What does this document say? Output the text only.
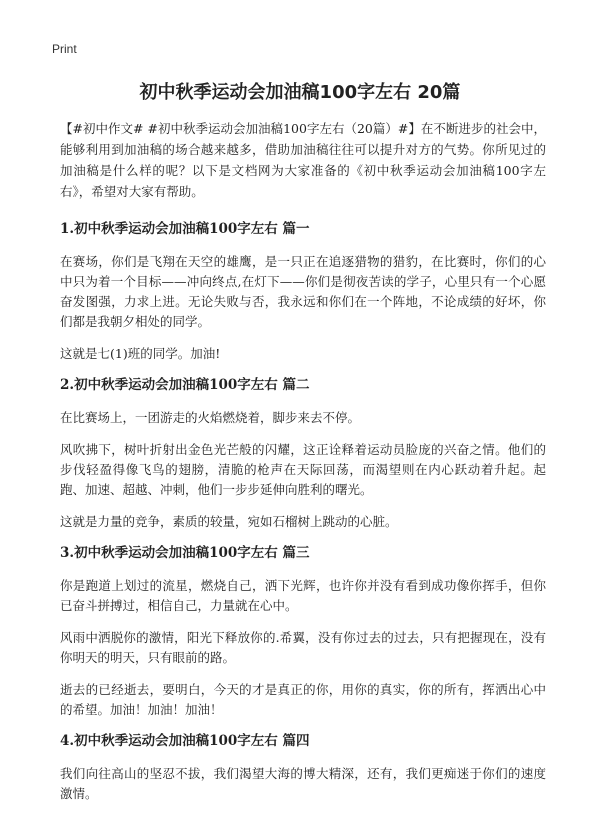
Print
初中秋季运动会加油稿100字左右 20篇

【#初中作文# #初中秋季运动会加油稿100字左右（20篇）#】在不断进步的社会中，能够利用到加油稿的场合越来越多，借助加油稿往往可以提升对方的气势。你所见过的加油稿是什么样的呢？以下是文档网为大家准备的《初中秋季运动会加油稿100字左右》，希望对大家有帮助。

1.初中秋季运动会加油稿100字左右 篇一

在赛场，你们是飞翔在天空的雄鹰，是一只正在追逐猎物的猎豹，在比赛时，你们的心中只为着一个目标——冲向终点,在灯下——你们是彻夜苦读的学子，心里只有一个心愿奋发图强，力求上进。无论失败与否，我永远和你们在一个阵地，不论成绩的好坏，你们都是我朝夕相处的同学。

这就是七(1)班的同学。加油!

2.初中秋季运动会加油稿100字左右 篇二

在比赛场上，一团游走的火焰燃烧着，脚步来去不停。

风吹拂下，树叶折射出金色光芒般的闪耀，这正诠释着运动员脸庞的兴奋之情。他们的步伐轻盈得像飞鸟的翅膀，清脆的枪声在天际回荡，而渴望则在内心跃动着升起。起跑、加速、超越、冲刺，他们一步步延伸向胜利的曙光。

这就是力量的竞争，素质的较量，宛如石榴树上跳动的心脏。

3.初中秋季运动会加油稿100字左右 篇三

你是跑道上划过的流星，燃烧自己，洒下光辉，也许你并没有看到成功像你挥手，但你已奋斗拼搏过，相信自己，力量就在心中。

风雨中洒脱你的激情，阳光下释放你的.希翼，没有你过去的过去，只有把握现在，没有你明天的明天，只有眼前的路。

逝去的已经逝去，要明白，今天的才是真正的你，用你的真实，你的所有，挥洒出心中的希望。加油！加油！加油！

4.初中秋季运动会加油稿100字左右 篇四

我们向往高山的坚忍不拔，我们渴望大海的博大精深，还有，我们更痴迷于你们的速度激情。
